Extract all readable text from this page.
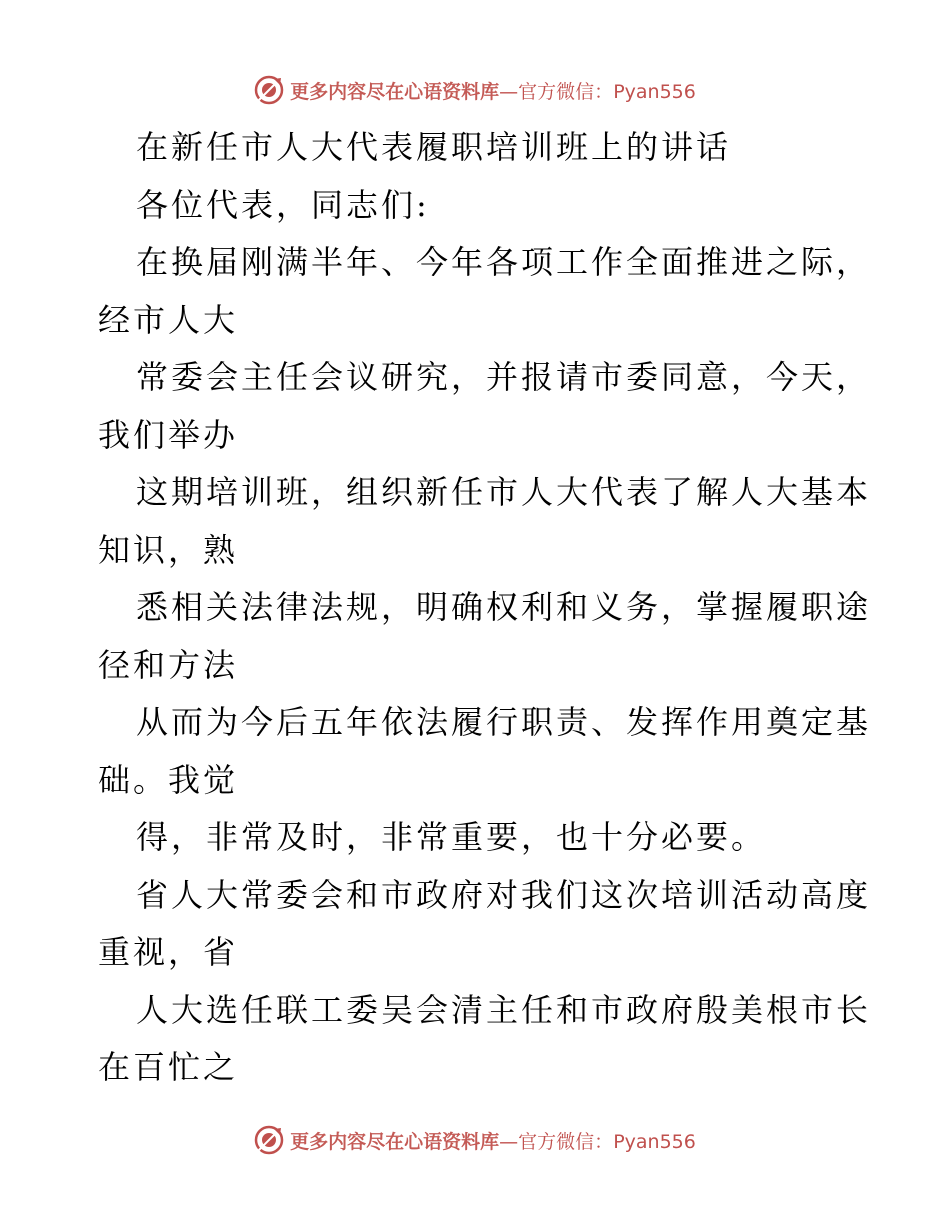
更多内容尽在心语资料库—官方微信：Pyan556
在新任市人大代表履职培训班上的讲话
各位代表，同志们:
在换届刚满半年、今年各项工作全面推进之际，
经市人大
常委会主任会议研究，并报请市委同意，今天，
我们举办
这期培训班，组织新任市人大代表了解人大基本
知识，熟
悉相关法律法规，明确权利和义务，掌握履职途
径和方法
从而为今后五年依法履行职责、发挥作用奠定基
础。我觉
得，非常及时，非常重要，也十分必要。
省人大常委会和市政府对我们这次培训活动高度
重视，省
人大选任联工委吴会清主任和市政府殷美根市长
在百忙之
更多内容尽在心语资料库—官方微信：Pyan556
